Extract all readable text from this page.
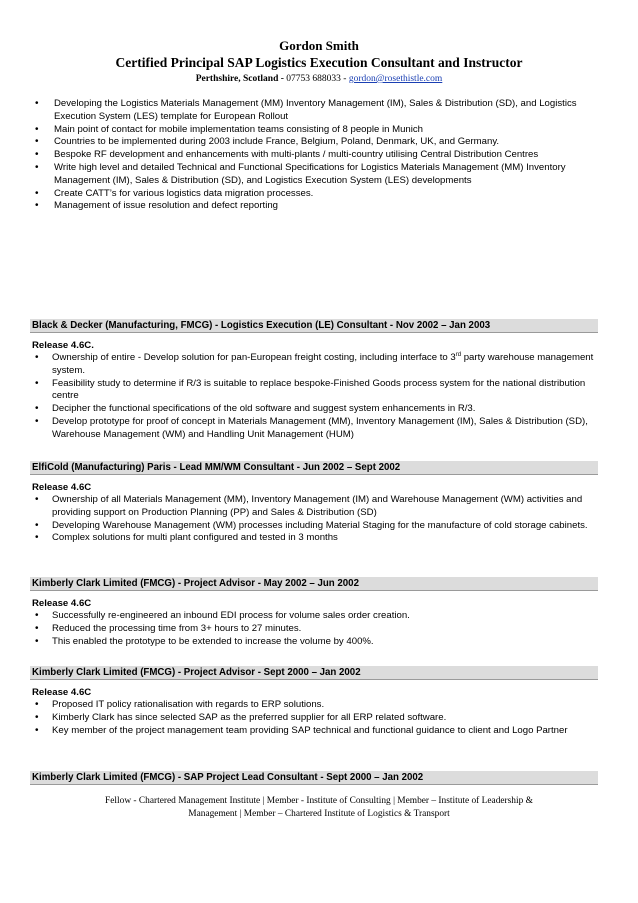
Gordon Smith
Certified Principal SAP Logistics Execution Consultant and Instructor
Perthshire, Scotland - 07753 688033 - gordon@rosethistle.com
• Developing the Logistics Materials Management (MM) Inventory Management (IM), Sales & Distribution (SD), and Logistics Execution System (LES) template for European Rollout
• Main point of contact for mobile implementation teams consisting of 8 people in Munich
• Countries to be implemented during 2003 include France, Belgium, Poland, Denmark, UK, and Germany.
• Bespoke RF development and enhancements with multi-plants / multi-country utilising Central Distribution Centres
• Write high level and detailed Technical and Functional Specifications for Logistics Materials Management (MM) Inventory Management (IM), Sales & Distribution (SD), and Logistics Execution System (LES) developments
• Create CATT’s for various logistics data migration processes.
• Management of issue resolution and defect reporting
Black & Decker (Manufacturing, FMCG) - Logistics Execution (LE) Consultant - Nov 2002 – Jan 2003
Release 4.6C.
• Ownership of entire - Develop solution for pan-European freight costing, including interface to 3rd party warehouse management system.
• Feasibility study to determine if R/3 is suitable to replace bespoke-Finished Goods process system for the national distribution centre
• Decipher the functional specifications of the old software and suggest system enhancements in R/3.
• Develop prototype for proof of concept in Materials Management (MM), Inventory Management (IM), Sales & Distribution (SD), Warehouse Management (WM) and Handling Unit Management (HUM)
ElfiCold (Manufacturing) Paris - Lead MM/WM Consultant - Jun 2002 – Sept 2002
Release 4.6C
• Ownership of all Materials Management (MM), Inventory Management (IM) and Warehouse Management (WM) activities and providing support on Production Planning (PP) and Sales & Distribution (SD)
• Developing Warehouse Management (WM) processes including Material Staging for the manufacture of cold storage cabinets.
• Complex solutions for multi plant configured and tested in 3 months
Kimberly Clark Limited (FMCG) - Project Advisor - May 2002 – Jun 2002
Release 4.6C
• Successfully re-engineered an inbound EDI process for volume sales order creation.
• Reduced the processing time from 3+ hours to 27 minutes.
• This enabled the prototype to be extended to increase the volume by 400%.
Kimberly Clark Limited (FMCG) - Project Advisor - Sept 2000 – Jan 2002
Release 4.6C
• Proposed IT policy rationalisation with regards to ERP solutions.
• Kimberly Clark has since selected SAP as the preferred supplier for all ERP related software.
• Key member of the project management team providing SAP technical and functional guidance to client and Logo Partner
Kimberly Clark Limited (FMCG) - SAP Project Lead Consultant - Sept 2000 – Jan 2002
Fellow - Chartered Management Institute | Member - Institute of Consulting | Member – Institute of Leadership &
Management | Member – Chartered Institute of Logistics & Transport
